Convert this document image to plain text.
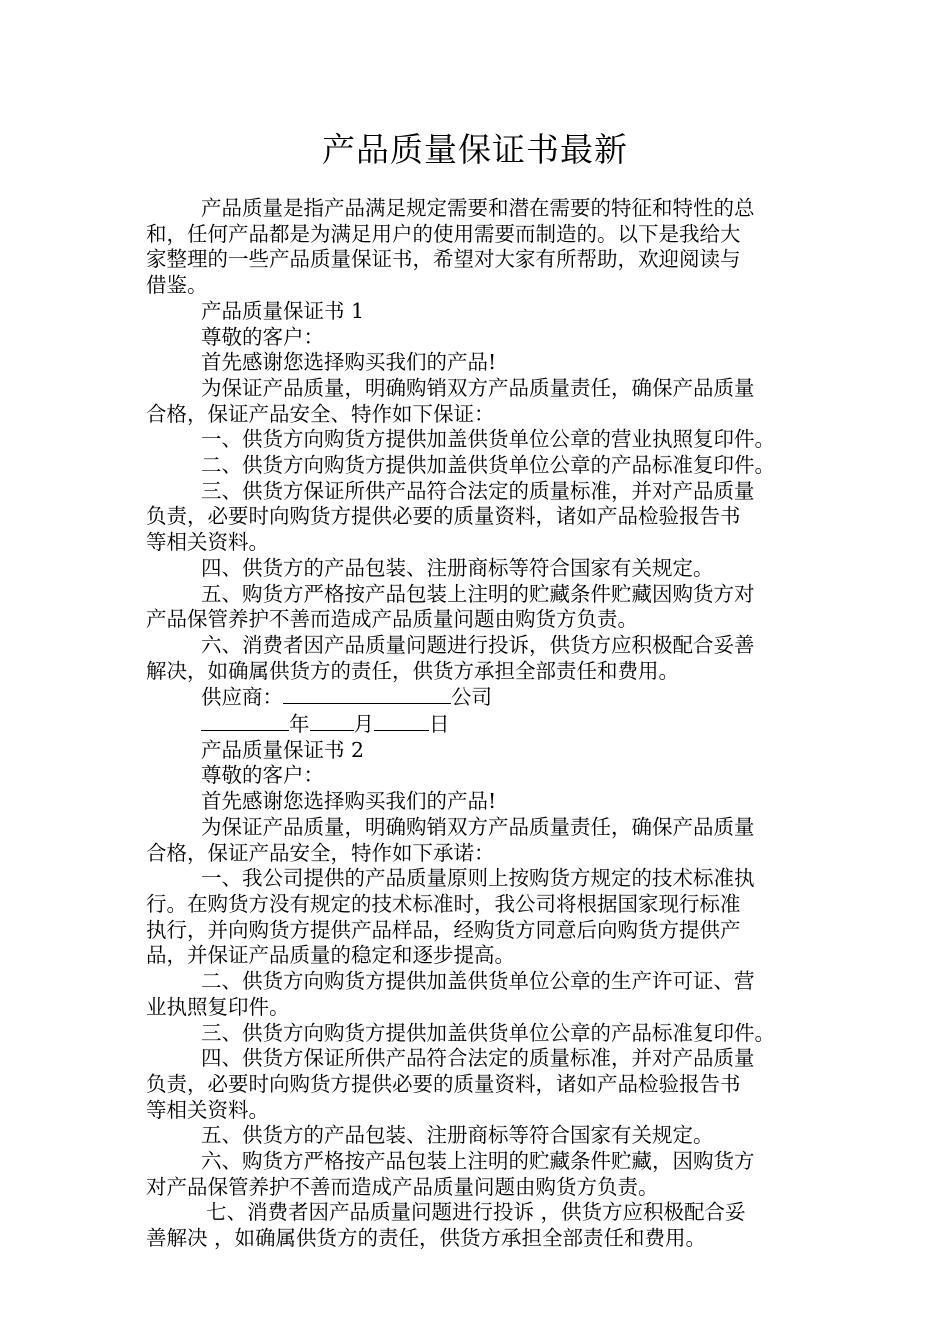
产品质量保证书最新
产品质量是指产品满足规定需要和潜在需要的特征和特性的总
和，任何产品都是为满足用户的使用需要而制造的。以下是我给大
家整理的一些产品质量保证书，希望对大家有所帮助，欢迎阅读与
借鉴。
产品质量保证书 1
尊敬的客户：
首先感谢您选择购买我们的产品!
为保证产品质量，明确购销双方产品质量责任，确保产品质量
合格，保证产品安全、特作如下保证：
一、供货方向购货方提供加盖供货单位公章的营业执照复印件。
二、供货方向购货方提供加盖供货单位公章的产品标准复印件。
三、供货方保证所供产品符合法定的质量标准，并对产品质量
负责，必要时向购货方提供必要的质量资料，诸如产品检验报告书
等相关资料。
四、供货方的产品包装、注册商标等符合国家有关规定。
五、购货方严格按产品包装上注明的贮藏条件贮藏因购货方对
产品保管养护不善而造成产品质量问题由购货方负责。
六、消费者因产品质量问题进行投诉，供货方应积极配合妥善
解决，如确属供货方的责任，供货方承担全部责任和费用。
供应商：	公司
年 月	日
产品质量保证书 2
尊敬的客户：
首先感谢您选择购买我们的产品!
为保证产品质量，明确购销双方产品质量责任，确保产品质量
合格，保证产品安全，特作如下承诺：
一、我公司提供的产品质量原则上按购货方规定的技术标准执
行。在购货方没有规定的技术标准时，我公司将根据国家现行标准
执行，并向购货方提供产品样品，经购货方同意后向购货方提供产
品，并保证产品质量的稳定和逐步提高。
二、供货方向购货方提供加盖供货单位公章的生产许可证、营
业执照复印件。
三、供货方向购货方提供加盖供货单位公章的产品标准复印件。
四、供货方保证所供产品符合法定的质量标准，并对产品质量
负责，必要时向购货方提供必要的质量资料，诸如产品检验报告书
等相关资料。
五、供货方的产品包装、注册商标等符合国家有关规定。
六、购货方严格按产品包装上注明的贮藏条件贮藏，因购货方
对产品保管养护不善而造成产品质量问题由购货方负责。
七、消费者因产品质量问题进行投诉 ，供货方应积极配合妥
善解决 ，如确属供货方的责任，供货方承担全部责任和费用。
